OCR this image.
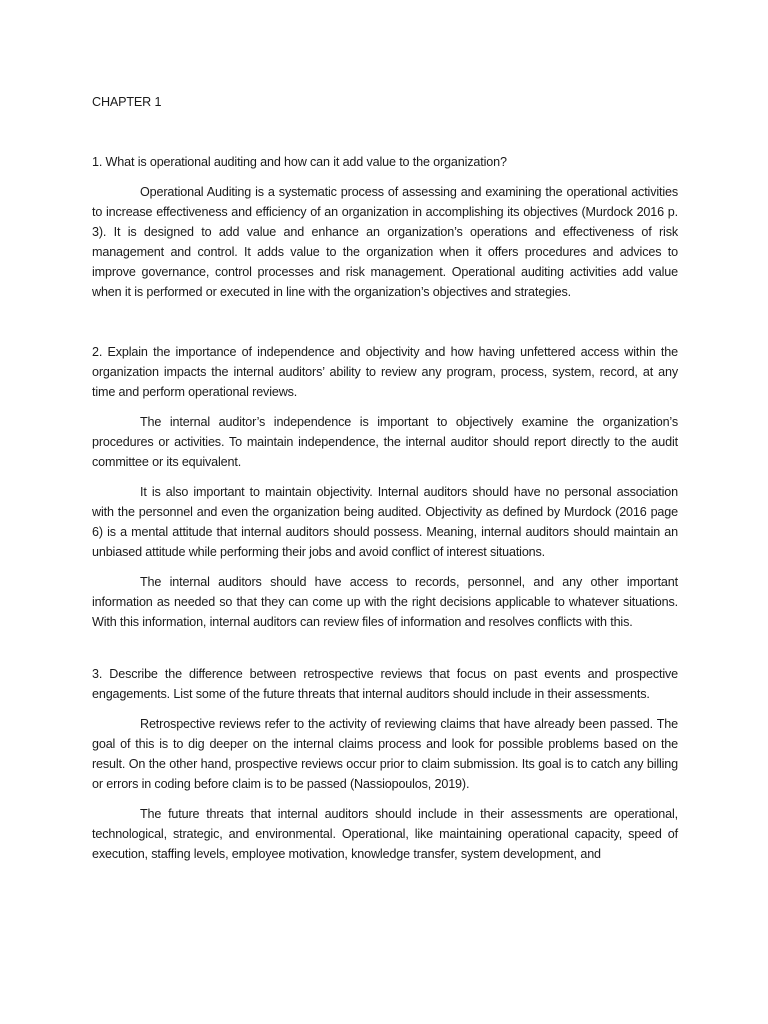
CHAPTER 1
1. What is operational auditing and how can it add value to the organization?
Operational Auditing is a systematic process of assessing and examining the operational activities to increase effectiveness and efficiency of an organization in accomplishing its objectives (Murdock 2016 p. 3). It is designed to add value and enhance an organization’s operations and effectiveness of risk management and control. It adds value to the organization when it offers procedures and advices to improve governance, control processes and risk management. Operational auditing activities add value when it is performed or executed in line with the organization’s objectives and strategies.
2. Explain the importance of independence and objectivity and how having unfettered access within the organization impacts the internal auditors’ ability to review any program, process, system, record, at any time and perform operational reviews.
The internal auditor’s independence is important to objectively examine the organization’s procedures or activities. To maintain independence, the internal auditor should report directly to the audit committee or its equivalent.
It is also important to maintain objectivity. Internal auditors should have no personal association with the personnel and even the organization being audited. Objectivity as defined by Murdock (2016 page 6) is a mental attitude that internal auditors should possess. Meaning, internal auditors should maintain an unbiased attitude while performing their jobs and avoid conflict of interest situations.
The internal auditors should have access to records, personnel, and any other important information as needed so that they can come up with the right decisions applicable to whatever situations. With this information, internal auditors can review files of information and resolves conflicts with this.
3. Describe the difference between retrospective reviews that focus on past events and prospective engagements. List some of the future threats that internal auditors should include in their assessments.
Retrospective reviews refer to the activity of reviewing claims that have already been passed. The goal of this is to dig deeper on the internal claims process and look for possible problems based on the result. On the other hand, prospective reviews occur prior to claim submission. Its goal is to catch any billing or errors in coding before claim is to be passed (Nassiopoulos, 2019).
The future threats that internal auditors should include in their assessments are operational, technological, strategic, and environmental. Operational, like maintaining operational capacity, speed of execution, staffing levels, employee motivation, knowledge transfer, system development, and
